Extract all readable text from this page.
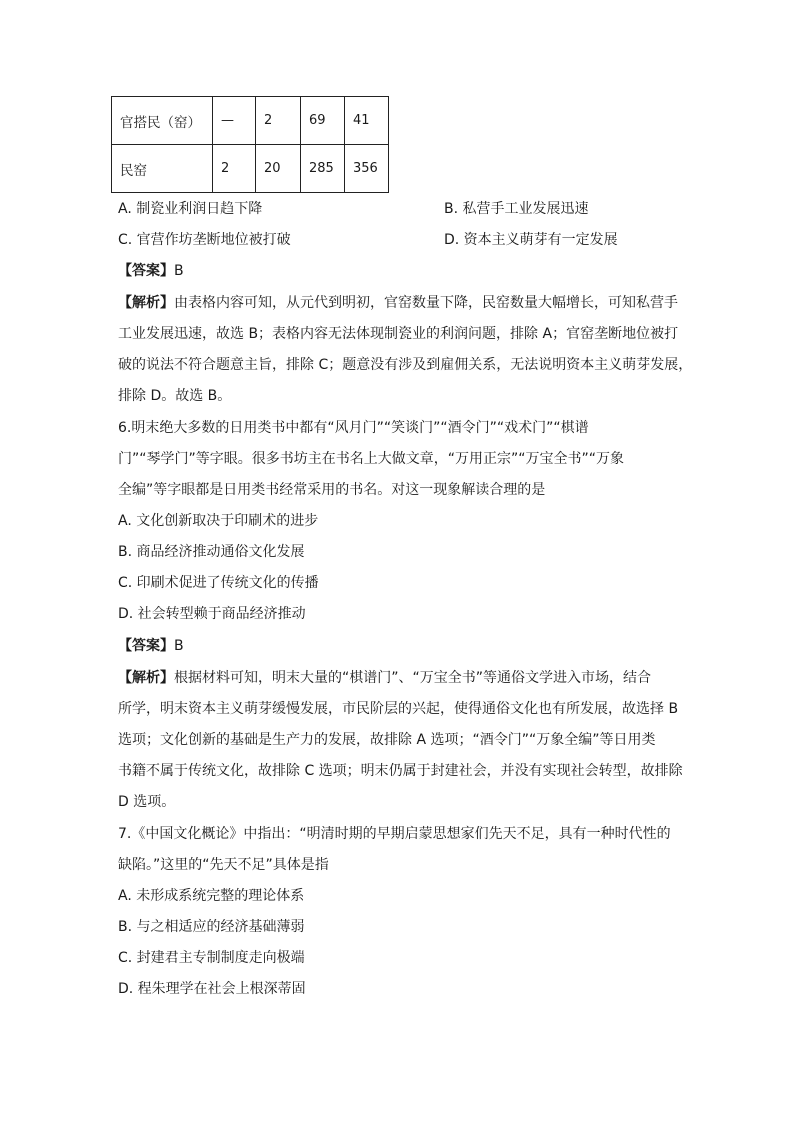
官搭民（窑）	—	2	69	41
民窑	2	20	285	356
A. 制瓷业利润日趋下降	B. 私营手工业发展迅速
C. 官营作坊垄断地位被打破	D. 资本主义萌芽有一定发展
【答案】B
【解析】由表格内容可知，从元代到明初，官窑数量下降，民窑数量大幅增长，可知私营手
工业发展迅速，故选 B；表格内容无法体现制瓷业的利润问题，排除 A；官窑垄断地位被打
破的说法不符合题意主旨，排除 C；题意没有涉及到雇佣关系，无法说明资本主义萌芽发展，
排除 D。故选 B。
6.明末绝大多数的日用类书中都有“风月门”“笑谈门”“酒令门”“戏术门”“棋谱
门”“琴学门”等字眼。很多书坊主在书名上大做文章，“万用正宗”“万宝全书”“万象
全编”等字眼都是日用类书经常采用的书名。对这一现象解读合理的是
A. 文化创新取决于印刷术的进步
B. 商品经济推动通俗文化发展
C. 印刷术促进了传统文化的传播
D. 社会转型赖于商品经济推动
【答案】B
【解析】根据材料可知，明末大量的“棋谱门”、“万宝全书”等通俗文学进入市场，结合
所学，明末资本主义萌芽缓慢发展，市民阶层的兴起，使得通俗文化也有所发展，故选择 B
选项；文化创新的基础是生产力的发展，故排除 A 选项；“酒令门”“万象全编”等日用类
书籍不属于传统文化，故排除 C 选项；明末仍属于封建社会，并没有实现社会转型，故排除
D 选项。
7.《中国文化概论》中指出：“明清时期的早期启蒙思想家们先天不足，具有一种时代性的
缺陷。”这里的“先天不足”具体是指
A. 未形成系统完整的理论体系
B. 与之相适应的经济基础薄弱
C. 封建君主专制制度走向极端
D. 程朱理学在社会上根深蒂固
